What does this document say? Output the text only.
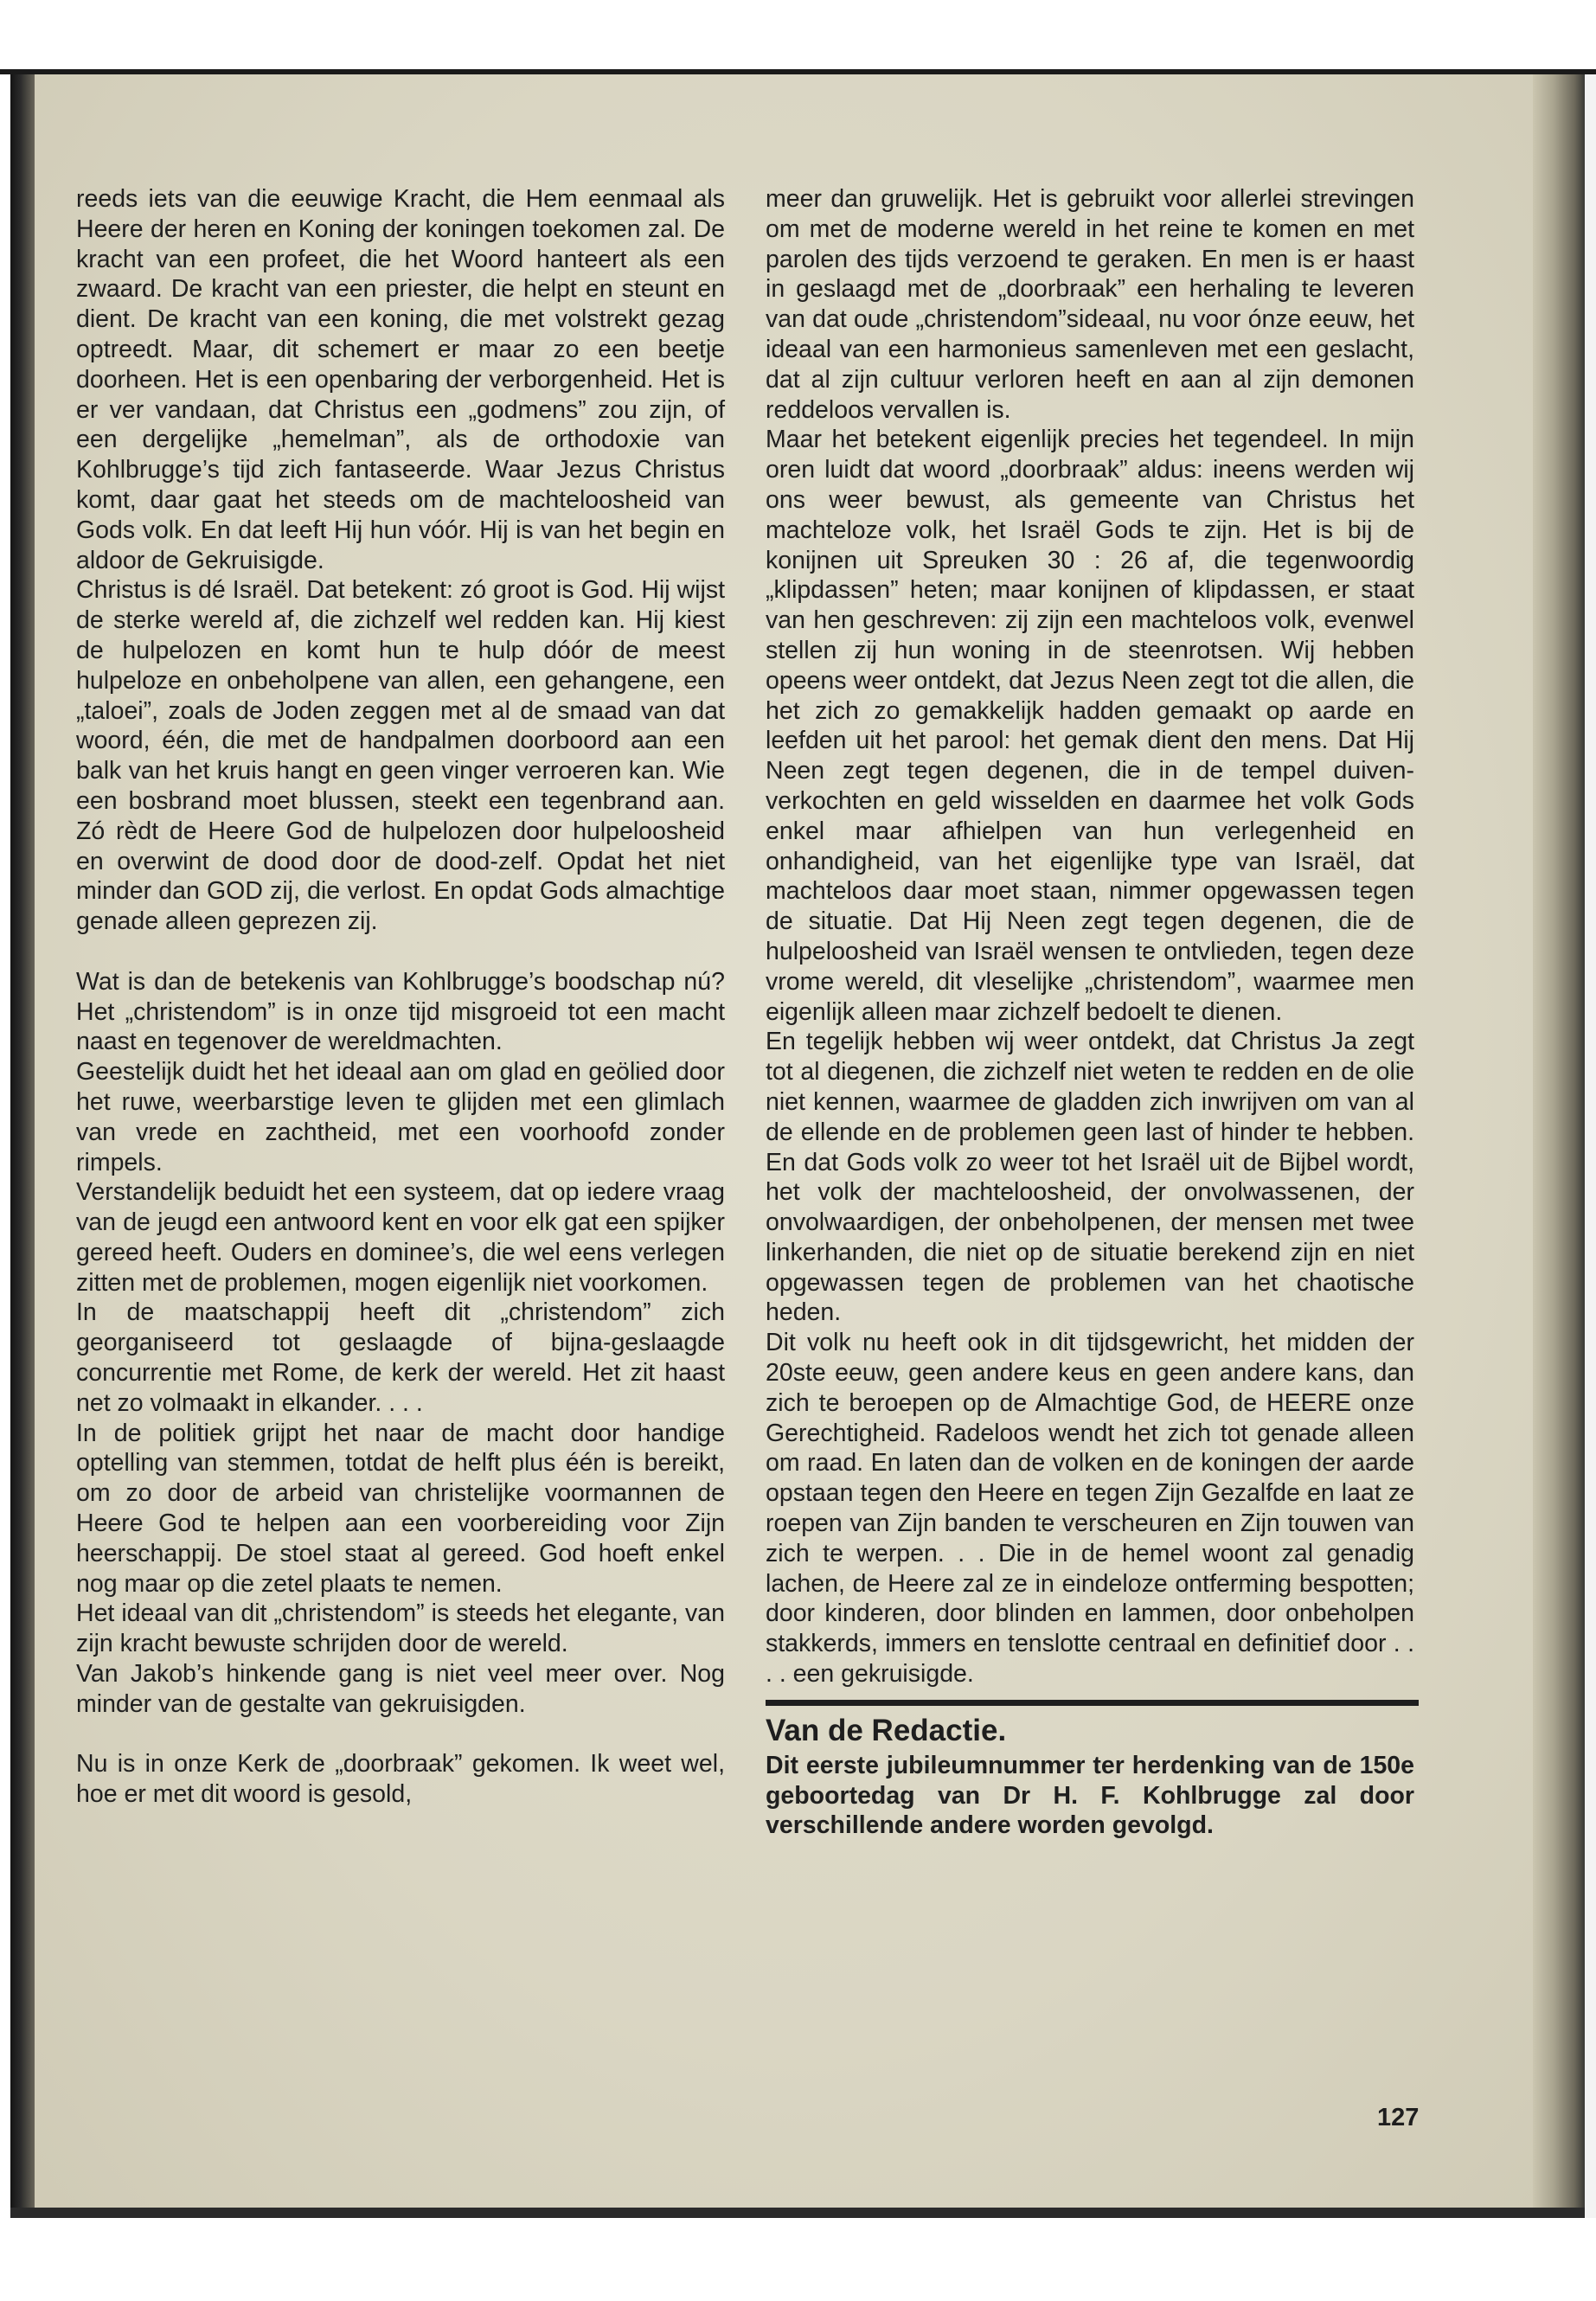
reeds iets van die eeuwige Kracht, die Hem eenmaal als Heere der heren en Koning der koningen toekomen zal. De kracht van een profeet, die het Woord hanteert als een zwaard. De kracht van een priester, die helpt en steunt en dient. De kracht van een koning, die met volstrekt gezag optreedt. Maar, dit schemert er maar zo een beetje doorheen. Het is een openbaring der verborgenheid. Het is er ver vandaan, dat Christus een „godmens” zou zijn, of een dergelijke „hemelman”, als de orthodoxie van Kohlbrugge’s tijd zich fantaseerde. Waar Jezus Christus komt, daar gaat het steeds om de machteloosheid van Gods volk. En dat leeft Hij hun vóór. Hij is van het begin en aldoor de Gekruisigde.

Christus is dé Israël. Dat betekent: zó groot is God. Hij wijst de sterke wereld af, die zichzelf wel redden kan. Hij kiest de hulpelozen en komt hun te hulp dóór de meest hulpeloze en onbeholpene van allen, een gehangene, een „taloei”, zoals de Joden zeggen met al de smaad van dat woord, één, die met de handpalmen doorboord aan een balk van het kruis hangt en geen vinger verroeren kan. Wie een bosbrand moet blussen, steekt een tegenbrand aan. Zó rèdt de Heere God de hulpelozen door hulpeloosheid en overwint de dood door de dood-zelf. Opdat het niet minder dan GOD zij, die verlost. En opdat Gods almachtige genade alleen geprezen zij.

Wat is dan de betekenis van Kohlbrugge’s boodschap nú? Het „christendom” is in onze tijd misgroeid tot een macht naast en tegenover de wereldmachten.

Geestelijk duidt het het ideaal aan om glad en geölied door het ruwe, weerbarstige leven te glijden met een glimlach van vrede en zachtheid, met een voorhoofd zonder rimpels.

Verstandelijk beduidt het een systeem, dat op iedere vraag van de jeugd een antwoord kent en voor elk gat een spijker gereed heeft. Ouders en dominee’s, die wel eens verlegen zitten met de problemen, mogen eigenlijk niet voorkomen.

In de maatschappij heeft dit „christendom” zich georganiseerd tot geslaagde of bijna-geslaagde concurrentie met Rome, de kerk der wereld. Het zit haast net zo volmaakt in elkander. . . .

In de politiek grijpt het naar de macht door handige optelling van stemmen, totdat de helft plus één is bereikt, om zo door de arbeid van christelijke voormannen de Heere God te helpen aan een voorbereiding voor Zijn heerschappij. De stoel staat al gereed. God hoeft enkel nog maar op die zetel plaats te nemen.

Het ideaal van dit „christendom” is steeds het elegante, van zijn kracht bewuste schrijden door de wereld.

Van Jakob’s hinkende gang is niet veel meer over. Nog minder van de gestalte van gekruisigden.

Nu is in onze Kerk de „doorbraak” gekomen. Ik weet wel, hoe er met dit woord is gesold,

meer dan gruwelijk. Het is gebruikt voor allerlei strevingen om met de moderne wereld in het reine te komen en met parolen des tijds verzoend te geraken. En men is er haast in geslaagd met de „doorbraak” een herhaling te leveren van dat oude „christendom”sideaal, nu voor ónze eeuw, het ideaal van een harmonieus samenleven met een geslacht, dat al zijn cultuur verloren heeft en aan al zijn demonen reddeloos vervallen is.

Maar het betekent eigenlijk precies het tegendeel. In mijn oren luidt dat woord „doorbraak” aldus: ineens werden wij ons weer bewust, als gemeente van Christus het machteloze volk, het Israël Gods te zijn. Het is bij de konijnen uit Spreuken 30 : 26 af, die tegenwoordig „klipdassen” heten; maar konijnen of klipdassen, er staat van hen geschreven: zij zijn een machteloos volk, evenwel stellen zij hun woning in de steenrotsen. Wij hebben opeens weer ontdekt, dat Jezus Neen zegt tot die allen, die het zich zo gemakkelijk hadden gemaakt op aarde en leefden uit het parool: het gemak dient den mens. Dat Hij Neen zegt tegen degenen, die in de tempel duiven-verkochten en geld wisselden en daarmee het volk Gods enkel maar afhielpen van hun verlegenheid en onhandigheid, van het eigenlijke type van Israël, dat machteloos daar moet staan, nimmer opgewassen tegen de situatie. Dat Hij Neen zegt tegen degenen, die de hulpeloosheid van Israël wensen te ontvlieden, tegen deze vrome wereld, dit vleselijke „christendom”, waarmee men eigenlijk alleen maar zichzelf bedoelt te dienen.

En tegelijk hebben wij weer ontdekt, dat Christus Ja zegt tot al diegenen, die zichzelf niet weten te redden en de olie niet kennen, waarmee de gladden zich inwrijven om van al de ellende en de problemen geen last of hinder te hebben. En dat Gods volk zo weer tot het Israël uit de Bijbel wordt, het volk der machteloosheid, der onvolwassenen, der onvolwaardigen, der onbeholpenen, der mensen met twee linkerhanden, die niet op de situatie berekend zijn en niet opgewassen tegen de problemen van het chaotische heden.

Dit volk nu heeft ook in dit tijdsgewricht, het midden der 20ste eeuw, geen andere keus en geen andere kans, dan zich te beroepen op de Almachtige God, de HEERE onze Gerechtigheid. Radeloos wendt het zich tot genade alleen om raad. En laten dan de volken en de koningen der aarde opstaan tegen den Heere en tegen Zijn Gezalfde en laat ze roepen van Zijn banden te verscheuren en Zijn touwen van zich te werpen. . . Die in de hemel woont zal genadig lachen, de Heere zal ze in eindeloze ontferming bespotten; door kinderen, door blinden en lammen, door onbeholpen stakkerds, immers en tenslotte centraal en definitief door . . . . een gekruisigde.

Van de Redactie.

Dit eerste jubileumnummer ter herdenking van de 150e geboortedag van Dr H. F. Kohlbrugge zal door verschillende andere worden gevolgd.

127
